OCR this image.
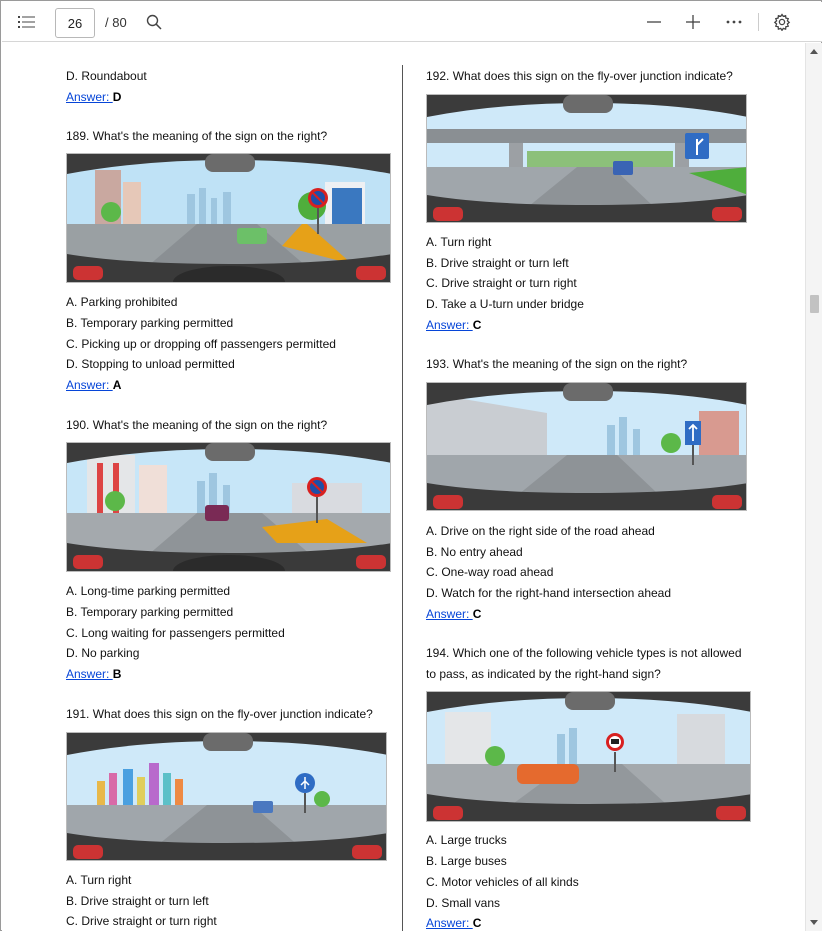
26	/ 80
D. Roundabout
Answer: D
189. What's the meaning of the sign on the right?
A. Parking prohibited
B. Temporary parking permitted
C. Picking up or dropping off passengers permitted
D. Stopping to unload permitted
Answer: A
190. What's the meaning of the sign on the right?
A. Long-time parking permitted
B. Temporary parking permitted
C. Long waiting for passengers permitted
D. No parking
Answer: B
191. What does this sign on the fly-over junction indicate?
A. Turn right
B. Drive straight or turn left
C. Drive straight or turn right
192. What does this sign on the fly-over junction indicate?
A. Turn right
B. Drive straight or turn left
C. Drive straight or turn right
D. Take a U-turn under bridge
Answer: C
193. What's the meaning of the sign on the right?
A. Drive on the right side of the road ahead
B. No entry ahead
C. One-way road ahead
D. Watch for the right-hand intersection ahead
Answer: C
194. Which one of the following vehicle types is not allowed
to pass, as indicated by the right-hand sign?
A. Large trucks
B. Large buses
C. Motor vehicles of all kinds
D. Small vans
Answer: C
